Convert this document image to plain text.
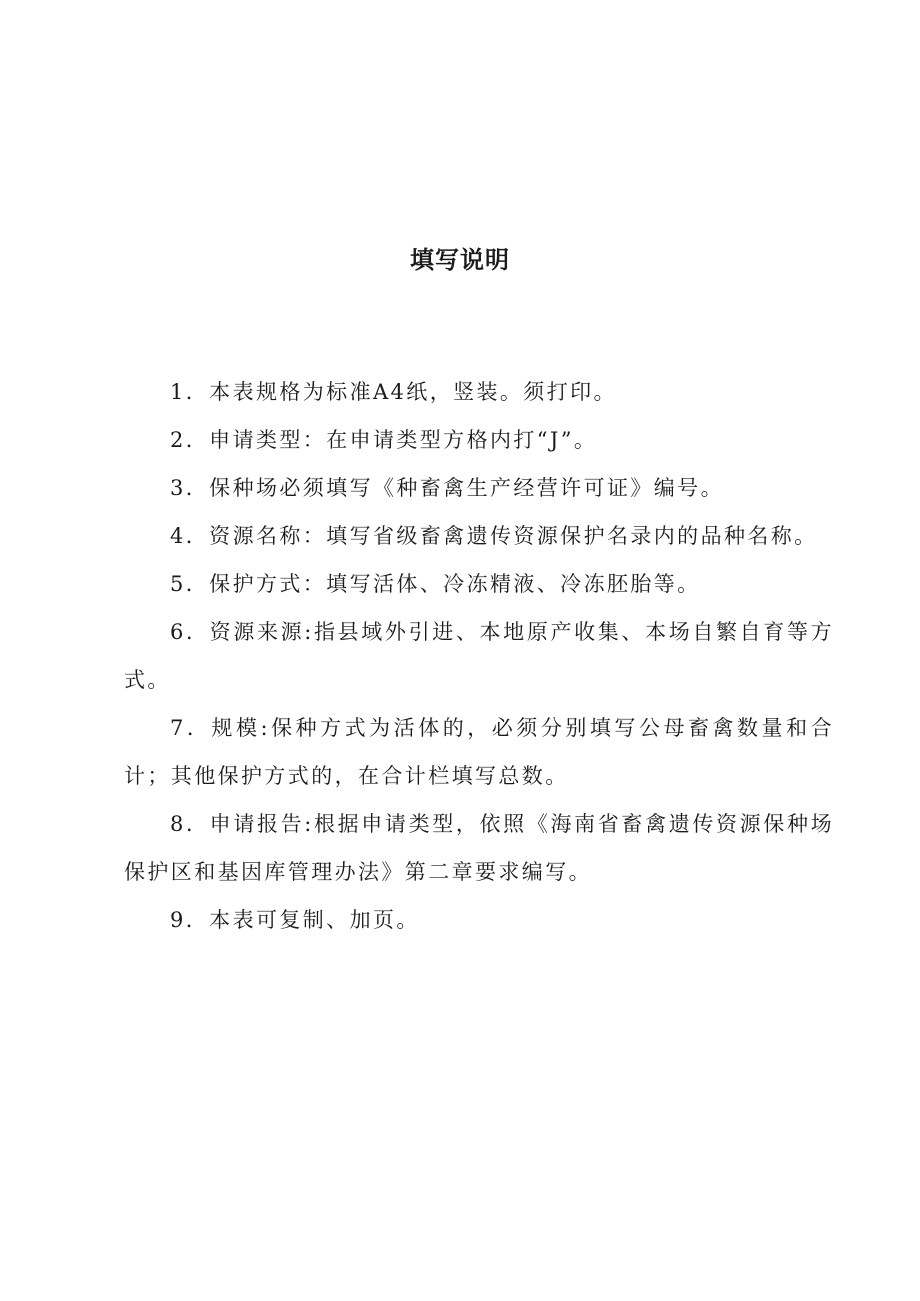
填写说明

1．本表规格为标准A4纸，竖装。须打印。

2．申请类型：在申请类型方格内打“J”。

3．保种场必须填写《种畜禽生产经营许可证》编号。

4．资源名称：填写省级畜禽遗传资源保护名录内的品种名称。

5．保护方式：填写活体、冷冻精液、冷冻胚胎等。

6．资源来源:指县域外引进、本地原产收集、本场自繁自育等方式。

7．规模:保种方式为活体的，必须分别填写公母畜禽数量和合计；其他保护方式的，在合计栏填写总数。

8．申请报告:根据申请类型，依照《海南省畜禽遗传资源保种场保护区和基因库管理办法》第二章要求编写。

9．本表可复制、加页。
